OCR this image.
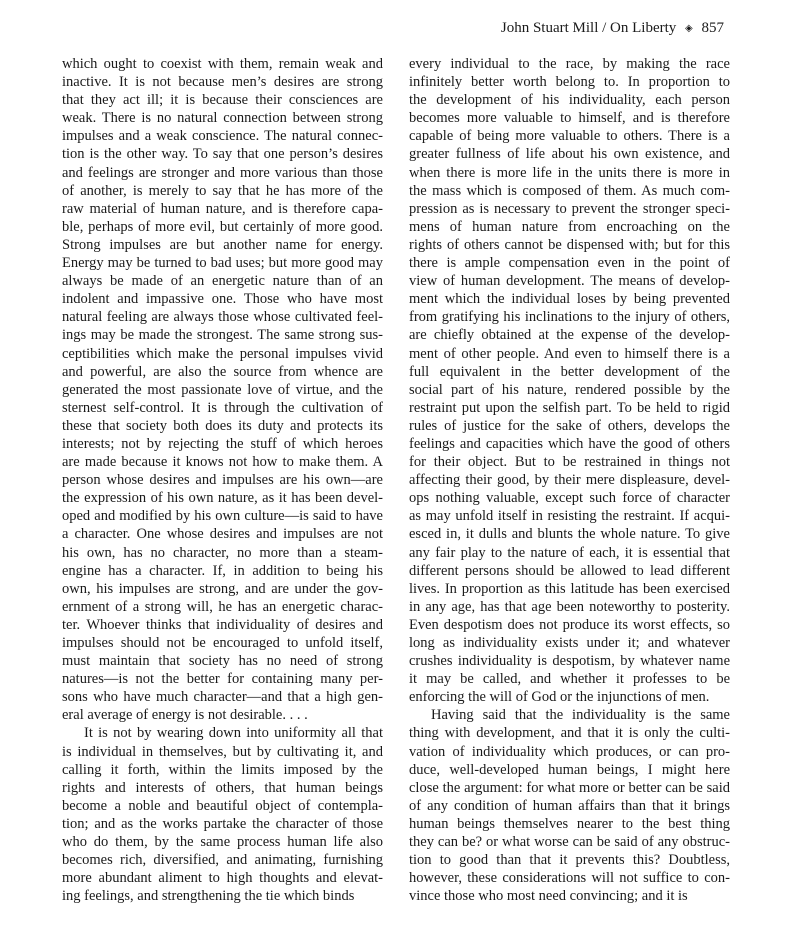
John Stuart Mill / On Liberty ◈ 857
which ought to coexist with them, remain weak and
inactive. It is not because men’s desires are strong
that they act ill; it is because their consciences are
weak. There is no natural connection between strong
impulses and a weak conscience. The natural connec-
tion is the other way. To say that one person’s desires
and feelings are stronger and more various than those
of another, is merely to say that he has more of the
raw material of human nature, and is therefore capa-
ble, perhaps of more evil, but certainly of more good.
Strong impulses are but another name for energy.
Energy may be turned to bad uses; but more good may
always be made of an energetic nature than of an
indolent and impassive one. Those who have most
natural feeling are always those whose cultivated feel-
ings may be made the strongest. The same strong sus-
ceptibilities which make the personal impulses vivid
and powerful, are also the source from whence are
generated the most passionate love of virtue, and the
sternest self-control. It is through the cultivation of
these that society both does its duty and protects its
interests; not by rejecting the stuff of which heroes
are made because it knows not how to make them. A
person whose desires and impulses are his own—are
the expression of his own nature, as it has been devel-
oped and modified by his own culture—is said to have
a character. One whose desires and impulses are not
his own, has no character, no more than a steam-
engine has a character. If, in addition to being his
own, his impulses are strong, and are under the gov-
ernment of a strong will, he has an energetic charac-
ter. Whoever thinks that individuality of desires and
impulses should not be encouraged to unfold itself,
must maintain that society has no need of strong
natures—is not the better for containing many per-
sons who have much character—and that a high gen-
eral average of energy is not desirable. . . .
It is not by wearing down into uniformity all that
is individual in themselves, but by cultivating it, and
calling it forth, within the limits imposed by the
rights and interests of others, that human beings
become a noble and beautiful object of contempla-
tion; and as the works partake the character of those
who do them, by the same process human life also
becomes rich, diversified, and animating, furnishing
more abundant aliment to high thoughts and elevat-
ing feelings, and strengthening the tie which binds
every individual to the race, by making the race
infinitely better worth belong to. In proportion to
the development of his individuality, each person
becomes more valuable to himself, and is therefore
capable of being more valuable to others. There is a
greater fullness of life about his own existence, and
when there is more life in the units there is more in
the mass which is composed of them. As much com-
pression as is necessary to prevent the stronger speci-
mens of human nature from encroaching on the
rights of others cannot be dispensed with; but for this
there is ample compensation even in the point of
view of human development. The means of develop-
ment which the individual loses by being prevented
from gratifying his inclinations to the injury of others,
are chiefly obtained at the expense of the develop-
ment of other people. And even to himself there is a
full equivalent in the better development of the
social part of his nature, rendered possible by the
restraint put upon the selfish part. To be held to rigid
rules of justice for the sake of others, develops the
feelings and capacities which have the good of others
for their object. But to be restrained in things not
affecting their good, by their mere displeasure, devel-
ops nothing valuable, except such force of character
as may unfold itself in resisting the restraint. If acqui-
esced in, it dulls and blunts the whole nature. To give
any fair play to the nature of each, it is essential that
different persons should be allowed to lead different
lives. In proportion as this latitude has been exercised
in any age, has that age been noteworthy to posterity.
Even despotism does not produce its worst effects, so
long as individuality exists under it; and whatever
crushes individuality is despotism, by whatever name
it may be called, and whether it professes to be
enforcing the will of God or the injunctions of men.
Having said that the individuality is the same
thing with development, and that it is only the culti-
vation of individuality which produces, or can pro-
duce, well-developed human beings, I might here
close the argument: for what more or better can be said
of any condition of human affairs than that it brings
human beings themselves nearer to the best thing
they can be? or what worse can be said of any obstruc-
tion to good than that it prevents this? Doubtless,
however, these considerations will not suffice to con-
vince those who most need convincing; and it is
